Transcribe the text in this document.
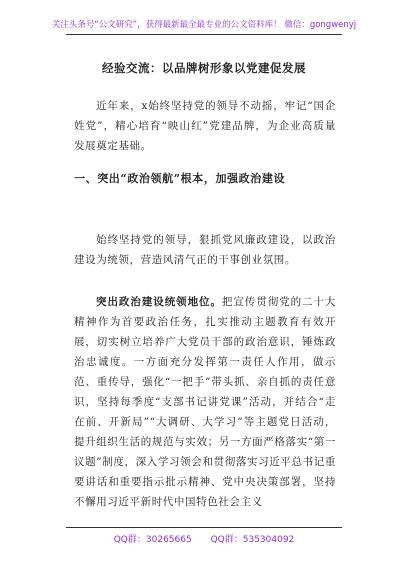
关注头条号“公文研究”，获得最新最全最专业的公文资料库！ 微信：gongwenyj
经验交流：以品牌树形象以党建促发展
近年来，x始终坚持党的领导不动摇，牢记“国企姓党”，精心培育“映山红”党建品牌，为企业高质量发展奠定基础。
一、突出“政治领航”根本，加强政治建设
始终坚持党的领导，狠抓党风廉政建设，以政治建设为统领，营造风清气正的干事创业氛围。
突出政治建设统领地位。把宣传贯彻党的二十大精神作为首要政治任务，扎实推动主题教育有效开展，切实树立培养广大党员干部的政治意识，锤炼政治忠诚度。一方面充分发挥第一责任人作用，做示范、重传导，强化“一把手”带头抓、亲自抓的责任意识，坚持每季度“支部书记讲党课”活动，并结合“走在前、开新局”“大调研、大学习”等主题党日活动，提升组织生活的规范与实效；另一方面严格落实“第一议题”制度，深入学习领会和贯彻落实习近平总书记重要讲话和重要指示批示精神、党中央决策部署，坚持不懈用习近平新时代中国特色社会主义
QQ群：30265665 QQ群：535304092
